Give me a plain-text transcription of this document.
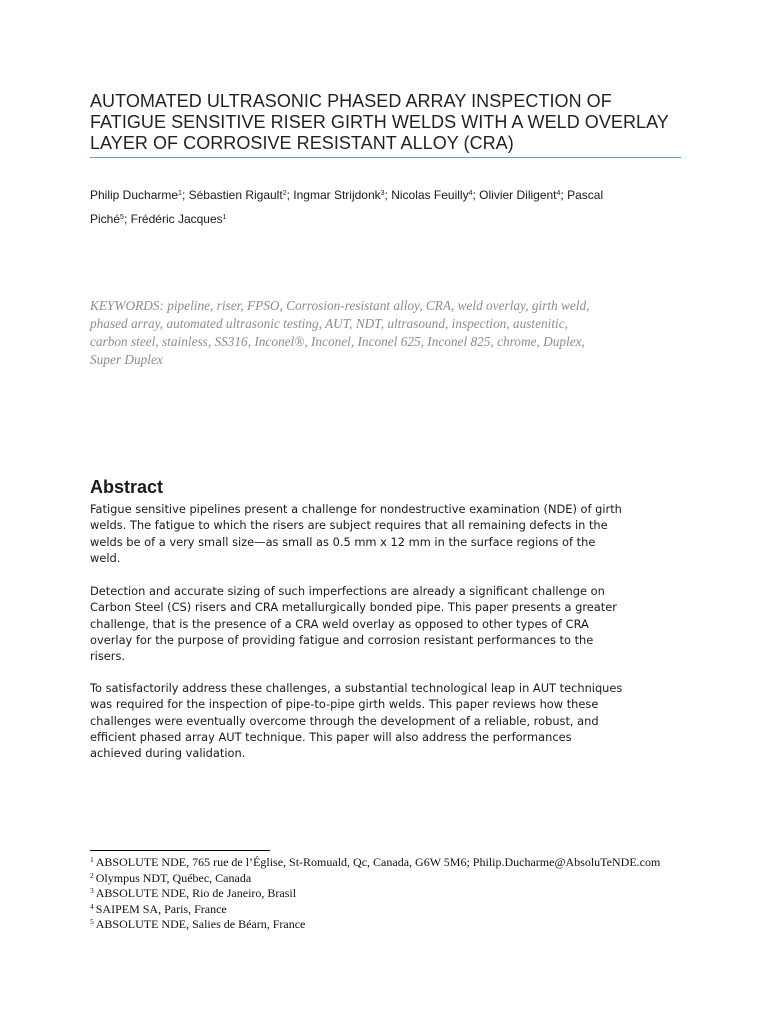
AUTOMATED ULTRASONIC PHASED ARRAY INSPECTION OF
FATIGUE SENSITIVE RISER GIRTH WELDS WITH A WELD OVERLAY
LAYER OF CORROSIVE RESISTANT ALLOY (CRA)
Philip Ducharme$^1$; Sébastien Rigault$^2$; Ingmar Strijdonk$^3$; Nicolas Feuilly$^4$; Olivier Diligent$^4$; Pascal
Piché$^5$; Frédéric Jacques$^1$
KEYWORDS: pipeline, riser, FPSO, Corrosion-resistant alloy, CRA, weld overlay, girth weld,
phased array, automated ultrasonic testing, AUT, NDT, ultrasound, inspection, austenitic,
carbon steel, stainless, SS316, Inconel®, Inconel, Inconel 625, Inconel 825, chrome, Duplex,
Super Duplex
Abstract

Fatigue sensitive pipelines present a challenge for nondestructive examination (NDE) of girth
welds. The fatigue to which the risers are subject requires that all remaining defects in the
welds be of a very small size—as small as 0.5 mm x 12 mm in the surface regions of the
weld.

Detection and accurate sizing of such imperfections are already a significant challenge on
Carbon Steel (CS) risers and CRA metallurgically bonded pipe. This paper presents a greater
challenge, that is the presence of a CRA weld overlay as opposed to other types of CRA
overlay for the purpose of providing fatigue and corrosion resistant performances to the
risers.

To satisfactorily address these challenges, a substantial technological leap in AUT techniques
was required for the inspection of pipe-to-pipe girth welds. This paper reviews how these
challenges were eventually overcome through the development of a reliable, robust, and
efficient phased array AUT technique. This paper will also address the performances
achieved during validation.

$^1$ ABSOLUTE NDE, 765 rue de l’Église, St-Romuald, Qc, Canada, G6W 5M6; Philip.Ducharme@AbsoluTeNDE.com
$^2$ Olympus NDT, Québec, Canada
$^3$ ABSOLUTE NDE, Rio de Janeiro, Brasil
$^4$ SAIPEM SA, Paris, France
$^5$ ABSOLUTE NDE, Salies de Béarn, France
